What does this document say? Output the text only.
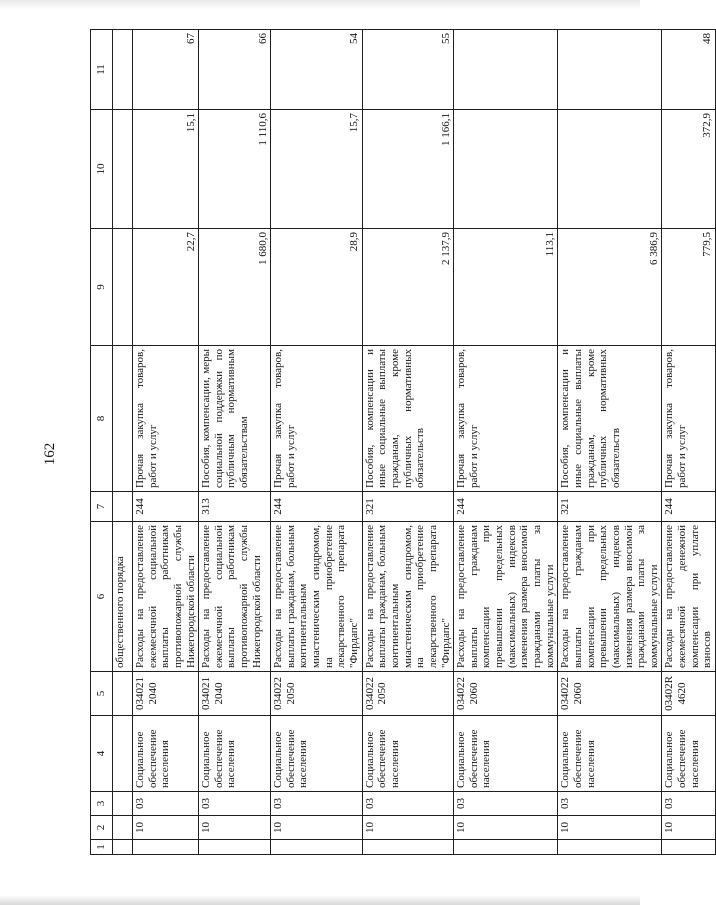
162
1	2	3	4	5	6	7	8	9	10	11
					общественного порядка					
	10	03	Социальное обеспечение населения	0340212040	Расходы на предоставление ежемесячной социальной выплаты работникам противопожарной службы Нижегородской области	244	Прочая закупка товаров, работ и услуг	22,7	15,1	67
	10	03	Социальное обеспечение населения	0340212040	Расходы на предоставление ежемесячной социальной выплаты работникам противопожарной службы Нижегородской области	313	Пособия, компенсации, меры социальной поддержки по публичным нормативным обязательствам	1 680,0	1 110,6	66
	10	03	Социальное обеспечение населения	0340222050	Расходы на предоставление выплаты гражданам, больным континентальным миастеническим синдромом, на приобретение лекарственного препарата "Фирдапс"	244	Прочая закупка товаров, работ и услуг	28,9	15,7	54
	10	03	Социальное обеспечение населения	0340222050	Расходы на предоставление выплаты гражданам, больным континентальным миастеническим синдромом, на приобретение лекарственного препарата "Фирдапс"	321	Пособия, компенсации и иные социальные выплаты гражданам, кроме публичных нормативных обязательств	2 137,9	1 166,1	55
	10	03	Социальное обеспечение населения	0340222060	Расходы на предоставление выплаты гражданам компенсации при превышении предельных (максимальных) индексов изменения размера вносимой гражданами платы за коммунальные услуги	244	Прочая закупка товаров, работ и услуг	113,1		
	10	03	Социальное обеспечение населения	0340222060	Расходы на предоставление выплаты гражданам компенсации при превышении предельных (максимальных) индексов изменения размера вносимой гражданами платы за коммунальные услуги	321	Пособия, компенсации и иные социальные выплаты гражданам, кроме публичных нормативных обязательств	6 386,9		
	10	03	Социальное обеспечение населения	03402R4620	Расходы на предоставление ежемесячной денежной компенсации при уплате взносов	244	Прочая закупка товаров, работ и услуг	779,5	372,9	48
